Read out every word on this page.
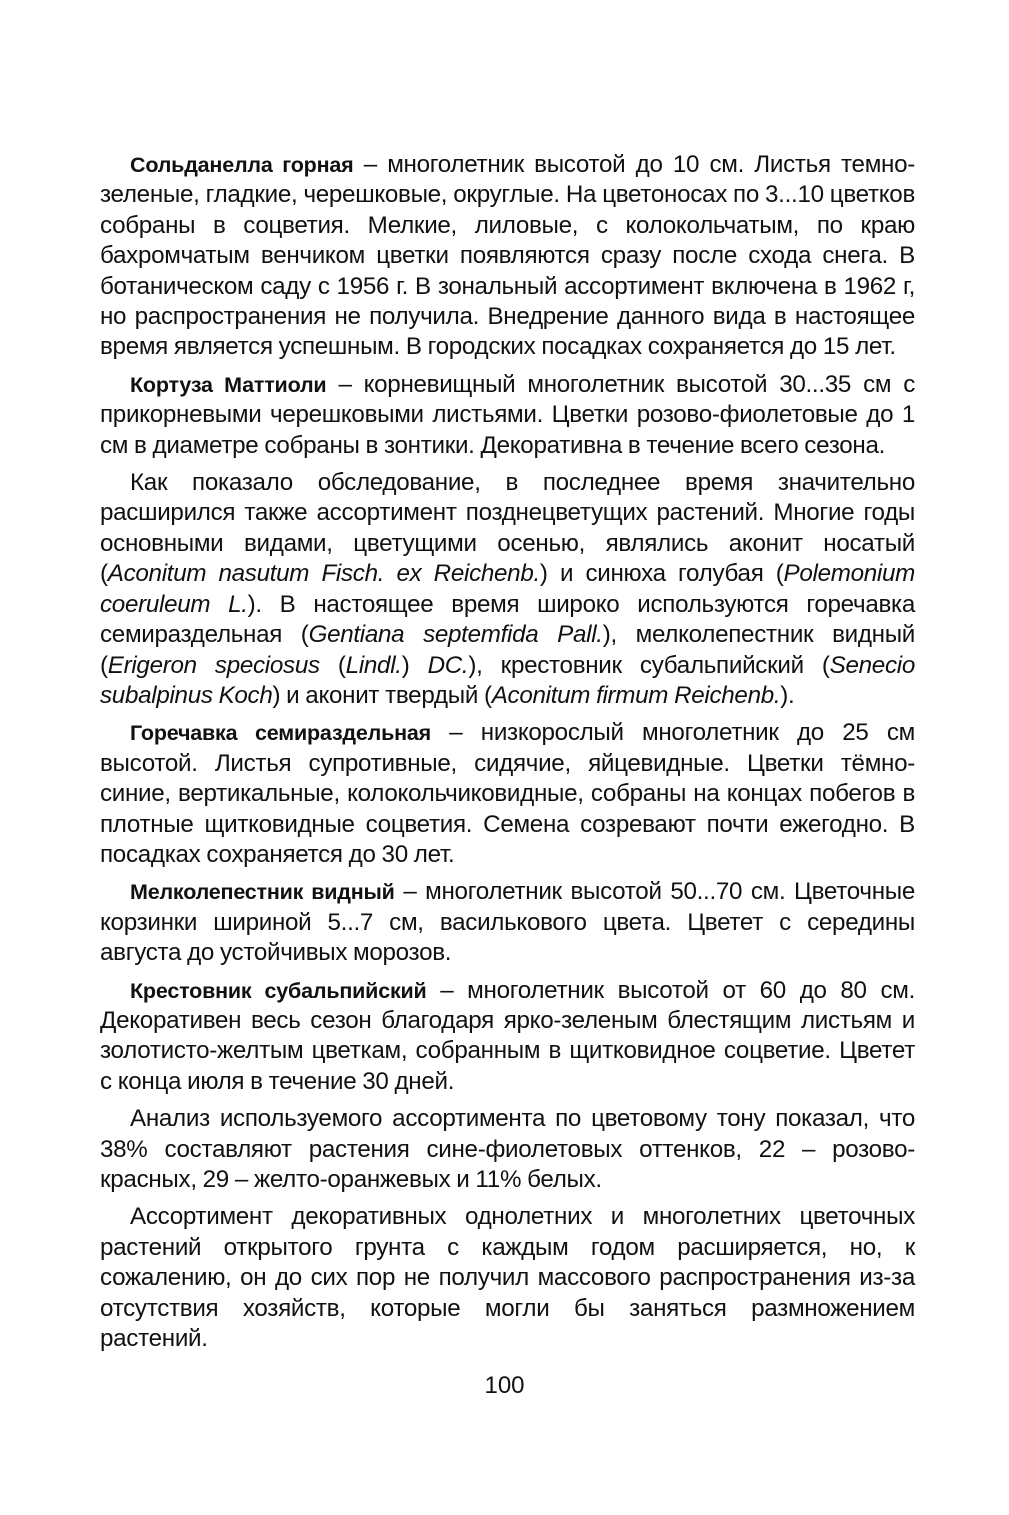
Сольданелла горная – многолетник высотой до 10 см. Листья темно-зеленые, гладкие, черешковые, округлые. На цветоносах по 3...10 цветков собраны в соцветия. Мелкие, лиловые, с колокольчатым, по краю бахромчатым венчиком цветки появляются сразу после схода снега. В ботаническом саду с 1956 г. В зональный ассортимент включена в 1962 г, но распространения не получила. Внедрение данного вида в настоящее время является успешным. В городских посадках сохраняется до 15 лет.

Кортуза Маттиоли – корневищный многолетник высотой 30...35 см с прикорневыми черешковыми листьями. Цветки розово-фиолетовые до 1 см в диаметре собраны в зонтики. Декоративна в течение всего сезона.

Как показало обследование, в последнее время значительно расширился также ассортимент позднецветущих растений. Многие годы основными видами, цветущими осенью, являлись аконит носатый (Aconitum nasutum Fisch. ex Reichenb.) и синюха голубая (Polemonium coeruleum L.). В настоящее время широко используются горечавка семираздельная (Gentiana septemfida Pall.), мелколепестник видный (Erigeron speciosus (Lindl.) DC.), крестовник субальпийский (Senecio subalpinus Koch) и аконит твердый (Aconitum firmum Reichenb.).

Горечавка семираздельная – низкорослый многолетник до 25 см высотой. Листья супротивные, сидячие, яйцевидные. Цветки тёмно-синие, вертикальные, колокольчиковидные, собраны на концах побегов в плотные щитковидные соцветия. Семена созревают почти ежегодно. В посадках сохраняется до 30 лет.

Мелколепестник видный – многолетник высотой 50...70 см. Цветочные корзинки шириной 5...7 см, василькового цвета. Цветет с середины августа до устойчивых морозов.

Крестовник субальпийский – многолетник высотой от 60 до 80 см. Декоративен весь сезон благодаря ярко-зеленым блестящим листьям и золотисто-желтым цветкам, собранным в щитковидное соцветие. Цветет с конца июля в течение 30 дней.

Анализ используемого ассортимента по цветовому тону показал, что 38% составляют растения сине-фиолетовых оттенков, 22 – розово-красных, 29 – желто-оранжевых и 11% белых.

Ассортимент декоративных однолетних и многолетних цветочных растений открытого грунта с каждым годом расширяется, но, к сожалению, он до сих пор не получил массового распространения из-за отсутствия хозяйств, которые могли бы заняться размножением растений.

100
